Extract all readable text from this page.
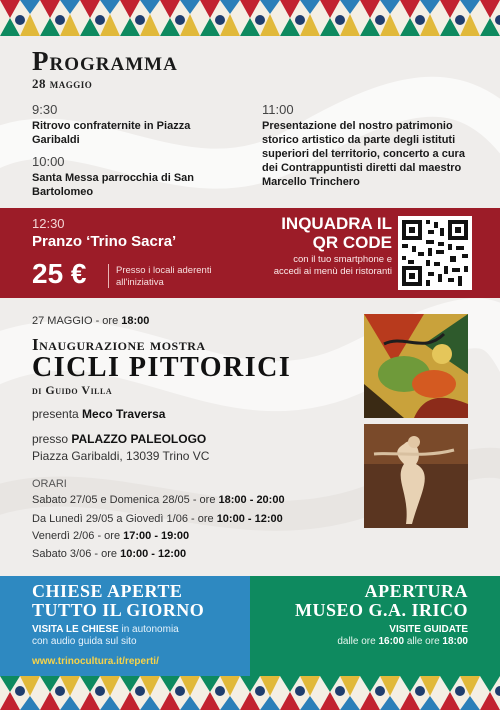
Programma
28 maggio
9:30
Ritrovo confraternite in Piazza Garibaldi
10:00
Santa Messa parrocchia di San Bartolomeo
11:00
Presentazione del nostro patrimonio storico artistico da parte degli istituti superiori del territorio, concerto a cura dei Contrappuntisti diretti dal maestro Marcello Trinchero
12:30
Pranzo ‘Trino Sacra’
25 €	Presso i locali aderenti all'iniziativa
INQUADRA IL QR CODE
con il tuo smartphone e accedi ai menù dei ristoranti
27 MAGGIO - ore 18:00
Inaugurazione mostra
CICLI PITTORICI
di Guido Villa
presenta Meco Traversa
presso PALAZZO PALEOLOGO
Piazza Garibaldi, 13039 Trino VC
ORARI
Sabato 27/05 e Domenica 28/05 - ore 18:00 - 20:00
Da Lunedì 29/05 a Giovedì 1/06 - ore 10:00 - 12:00
Venerdì 2/06 - ore 17:00 - 19:00
Sabato 3/06 - ore 10:00 - 12:00
CHIESE APERTE
TUTTO IL GIORNO
VISITA LE CHIESE in autonomia
con audio guida sul sito
www.trinocultura.it/reperti/
APERTURA
MUSEO G.A. IRICO
VISITE GUIDATE
dalle ore 16:00 alle ore 18:00
